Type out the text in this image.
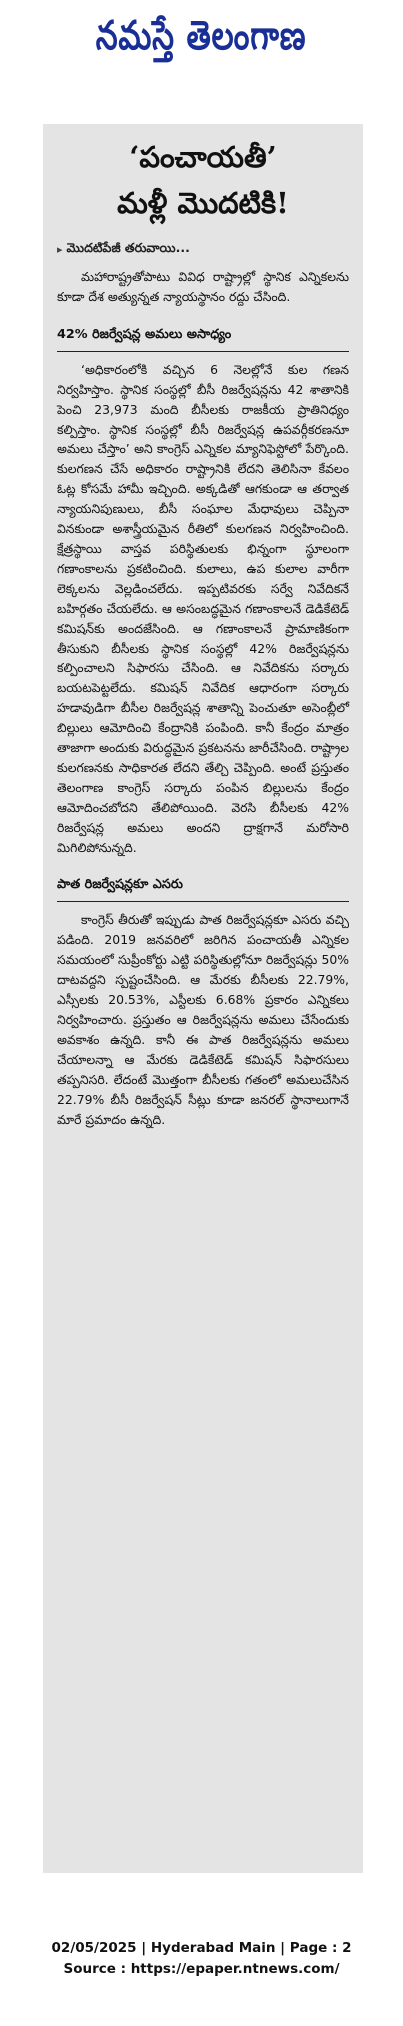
నమస్తే తెలంగాణ
‘పంచాయతీ’
మళ్లీ మొదటికి!
▸ మొదటిపేజీ తరువాయి...

మహారాష్ట్రతోపాటు వివిధ రాష్ట్రాల్లో స్థానిక ఎన్నికలను కూడా దేశ అత్యున్నత న్యాయస్థానం రద్దు చేసింది.

42% రిజర్వేషన్ల అమలు అసాధ్యం

‘అధికారంలోకి వచ్చిన 6 నెలల్లోనే కుల గణన నిర్వహిస్తాం. స్థానిక సంస్థల్లో బీసీ రిజర్వేషన్లను 42 శాతానికి పెంచి 23,973 మంది బీసీలకు రాజకీయ ప్రాతినిధ్యం కల్పిస్తాం. స్థానిక సంస్థల్లో బీసీ రిజర్వేషన్ల ఉపవర్గీకరణనూ అమలు చేస్తాం’ అని కాంగ్రెస్ ఎన్నికల మ్యానిఫెస్టోలో పేర్కొంది. కులగణన చేసే అధికారం రాష్ట్రానికి లేదని తెలిసినా కేవలం ఓట్ల కోసమే హామీ ఇచ్చింది. అక్కడితో ఆగకుండా ఆ తర్వాత న్యాయనిపుణులు, బీసీ సంఘాల మేధావులు చెప్పినా వినకుండా అశాస్త్రీయమైన రీతిలో కులగణన నిర్వహించింది. క్షేత్రస్థాయి వాస్తవ పరిస్థితులకు భిన్నంగా స్థూలంగా గణాంకాలను ప్రకటించింది. కులాలు, ఉప కులాల వారీగా లెక్కలను వెల్లడించలేదు. ఇప్పటివరకు సర్వే నివేదికనే బహిర్గతం చేయలేదు. ఆ అసంబద్ధమైన గణాంకాలనే డెడికేటెడ్ కమిషన్‌కు అందజేసింది. ఆ గణాంకాలనే ప్రామాణికంగా తీసుకుని బీసీలకు స్థానిక సంస్థల్లో 42% రిజర్వేషన్లను కల్పించాలని సిఫారసు చేసింది. ఆ నివేదికను సర్కారు బయటపెట్టలేదు. కమిషన్ నివేదిక ఆధారంగా సర్కారు హడావుడిగా బీసీల రిజర్వేషన్ల శాతాన్ని పెంచుతూ అసెంబ్లీలో బిల్లులు ఆమోదించి కేంద్రానికి పంపింది. కానీ కేంద్రం మాత్రం తాజాగా అందుకు విరుద్ధమైన ప్రకటనను జారీచేసింది. రాష్ట్రాల కులగణనకు సాధికారత లేదని తేల్చి చెప్పింది. అంటే ప్రస్తుతం తెలంగాణ కాంగ్రెస్ సర్కారు పంపిన బిల్లులను కేంద్రం ఆమోదించబోదని తేలిపోయింది. వెరసి బీసీలకు 42% రిజర్వేషన్ల అమలు అందని ద్రాక్షగానే మరోసారి మిగిలిపోనున్నది.

పాత రిజర్వేషన్లకూ ఎసరు

కాంగ్రెస్ తీరుతో ఇప్పుడు పాత రిజర్వేషన్లకూ ఎసరు వచ్చి పడింది. 2019 జనవరిలో జరిగిన పంచాయతీ ఎన్నికల సమయంలో సుప్రీంకోర్టు ఎట్టి పరిస్థితుల్లోనూ రిజర్వేషన్లు 50% దాటవద్దని స్పష్టంచేసింది. ఆ మేరకు బీసీలకు 22.79%, ఎస్సీలకు 20.53%, ఎస్టీలకు 6.68% ప్రకారం ఎన్నికలు నిర్వహించారు. ప్రస్తుతం ఆ రిజర్వేషన్లను అమలు చేసేందుకు అవకాశం ఉన్నది. కానీ ఈ పాత రిజర్వేషన్లను అమలు చేయాలన్నా ఆ మేరకు డెడికేటెడ్ కమిషన్ సిఫారసులు తప్పనిసరి. లేదంటే మొత్తంగా బీసీలకు గతంలో అమలుచేసిన 22.79% బీసీ రిజర్వేషన్ సీట్లు కూడా జనరల్ స్థానాలుగానే మారే ప్రమాదం ఉన్నది.

02/05/2025 | Hyderabad Main | Page : 2
Source : https://epaper.ntnews.com/
